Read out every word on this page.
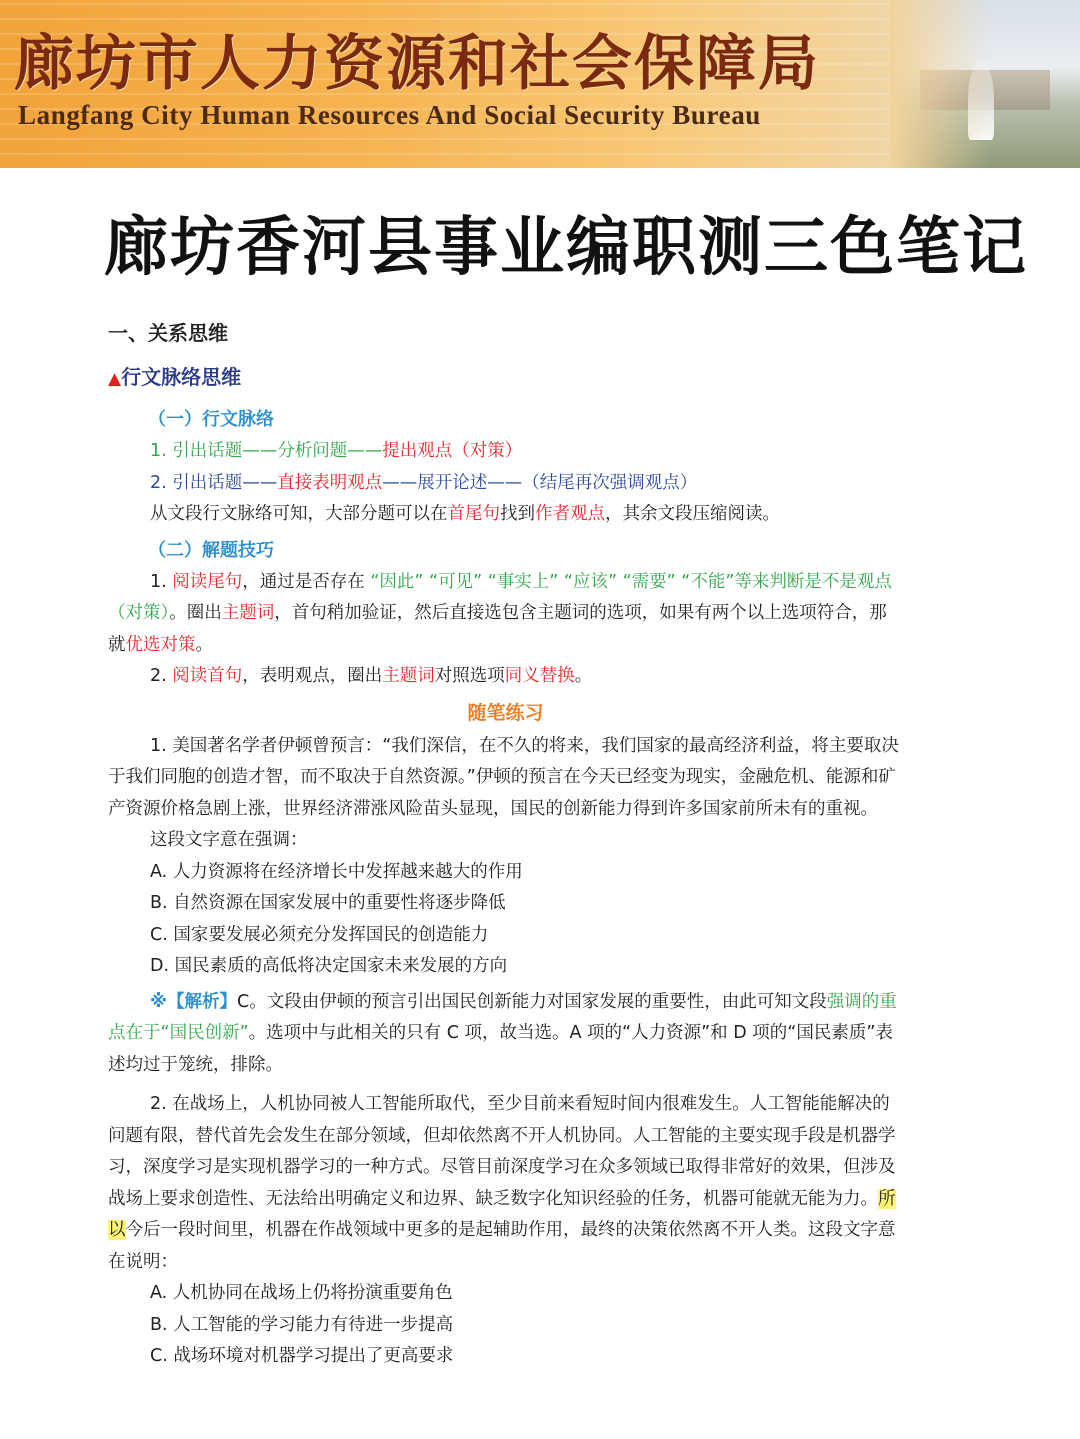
廊坊市人力资源和社会保障局

Langfang City Human Resources And Social Security Bureau

廊坊香河县事业编职测三色笔记

一、关系思维

▲行文脉络思维

（一）行文脉络

1. 引出话题——分析问题——提出观点（对策）

2. 引出话题——直接表明观点——展开论述——（结尾再次强调观点）

从文段行文脉络可知，大部分题可以在首尾句找到作者观点，其余文段压缩阅读。

（二）解题技巧

1. 阅读尾句，通过是否存在 “因此” “可见” “事实上” “应该” “需要” “不能”等来判断是不是观点（对策）。圈出主题词，首句稍加验证，然后直接选包含主题词的选项，如果有两个以上选项符合，那就优选对策。

2. 阅读首句，表明观点，圈出主题词对照选项同义替换。

随笔练习

1. 美国著名学者伊顿曾预言：“我们深信，在不久的将来，我们国家的最高经济利益，将主要取决于我们同胞的创造才智，而不取决于自然资源。”伊顿的预言在今天已经变为现实，金融危机、能源和矿产资源价格急剧上涨，世界经济滞涨风险苗头显现，国民的创新能力得到许多国家前所未有的重视。

这段文字意在强调：

A. 人力资源将在经济增长中发挥越来越大的作用

B. 自然资源在国家发展中的重要性将逐步降低

C. 国家要发展必须充分发挥国民的创造能力

D. 国民素质的高低将决定国家未来发展的方向

※【解析】C。文段由伊顿的预言引出国民创新能力对国家发展的重要性，由此可知文段强调的重点在于“国民创新”。选项中与此相关的只有 C 项，故当选。A 项的“人力资源”和 D 项的“国民素质”表述均过于笼统，排除。

2. 在战场上，人机协同被人工智能所取代，至少目前来看短时间内很难发生。人工智能能解决的问题有限，替代首先会发生在部分领域，但却依然离不开人机协同。人工智能的主要实现手段是机器学习，深度学习是实现机器学习的一种方式。尽管目前深度学习在众多领域已取得非常好的效果，但涉及战场上要求创造性、无法给出明确定义和边界、缺乏数字化知识经验的任务，机器可能就无能为力。所以今后一段时间里，机器在作战领域中更多的是起辅助作用，最终的决策依然离不开人类。这段文字意在说明：

A. 人机协同在战场上仍将扮演重要角色

B. 人工智能的学习能力有待进一步提高

C. 战场环境对机器学习提出了更高要求
